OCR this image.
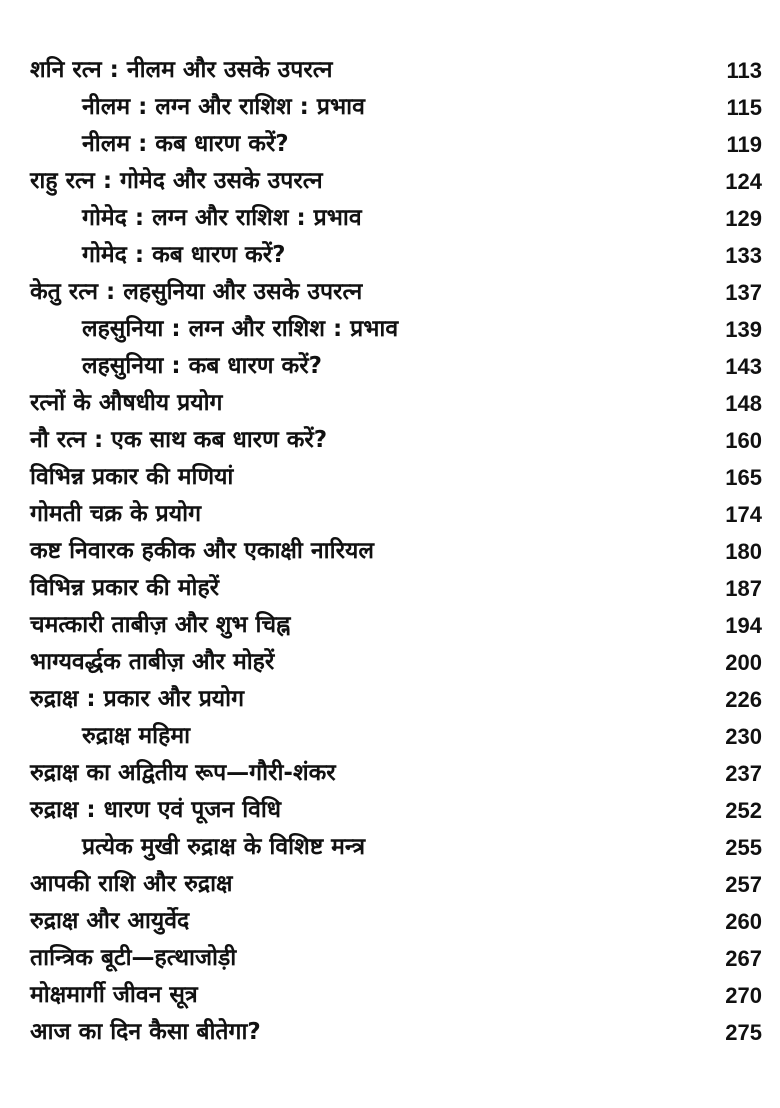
शनि रत्न : नीलम और उसके उपरत्न	113
नीलम : लग्न और राशिश : प्रभाव	115
नीलम : कब धारण करें?	119
राहु रत्न : गोमेद और उसके उपरत्न	124
गोमेद : लग्न और राशिश : प्रभाव	129
गोमेद : कब धारण करें?	133
केतु रत्न : लहसुनिया और उसके उपरत्न	137
लहसुनिया : लग्न और राशिश : प्रभाव	139
लहसुनिया : कब धारण करें?	143
रत्नों के औषधीय प्रयोग	148
नौ रत्न : एक साथ कब धारण करें?	160
विभिन्न प्रकार की मणियां	165
गोमती चक्र के प्रयोग	174
कष्ट निवारक हकीक और एकाक्षी नारियल	180
विभिन्न प्रकार की मोहरें	187
चमत्कारी ताबीज़ और शुभ चिह्न	194
भाग्यवर्द्धक ताबीज़ और मोहरें	200
रुद्राक्ष : प्रकार और प्रयोग	226
रुद्राक्ष महिमा	230
रुद्राक्ष का अद्वितीय रूप—गौरी-शंकर	237
रुद्राक्ष : धारण एवं पूजन विधि	252
प्रत्येक मुखी रुद्राक्ष के विशिष्ट मन्त्र	255
आपकी राशि और रुद्राक्ष	257
रुद्राक्ष और आयुर्वेद	260
तान्त्रिक बूटी—हत्थाजोड़ी	267
मोक्षमार्गी जीवन सूत्र	270
आज का दिन कैसा बीतेगा?	275
